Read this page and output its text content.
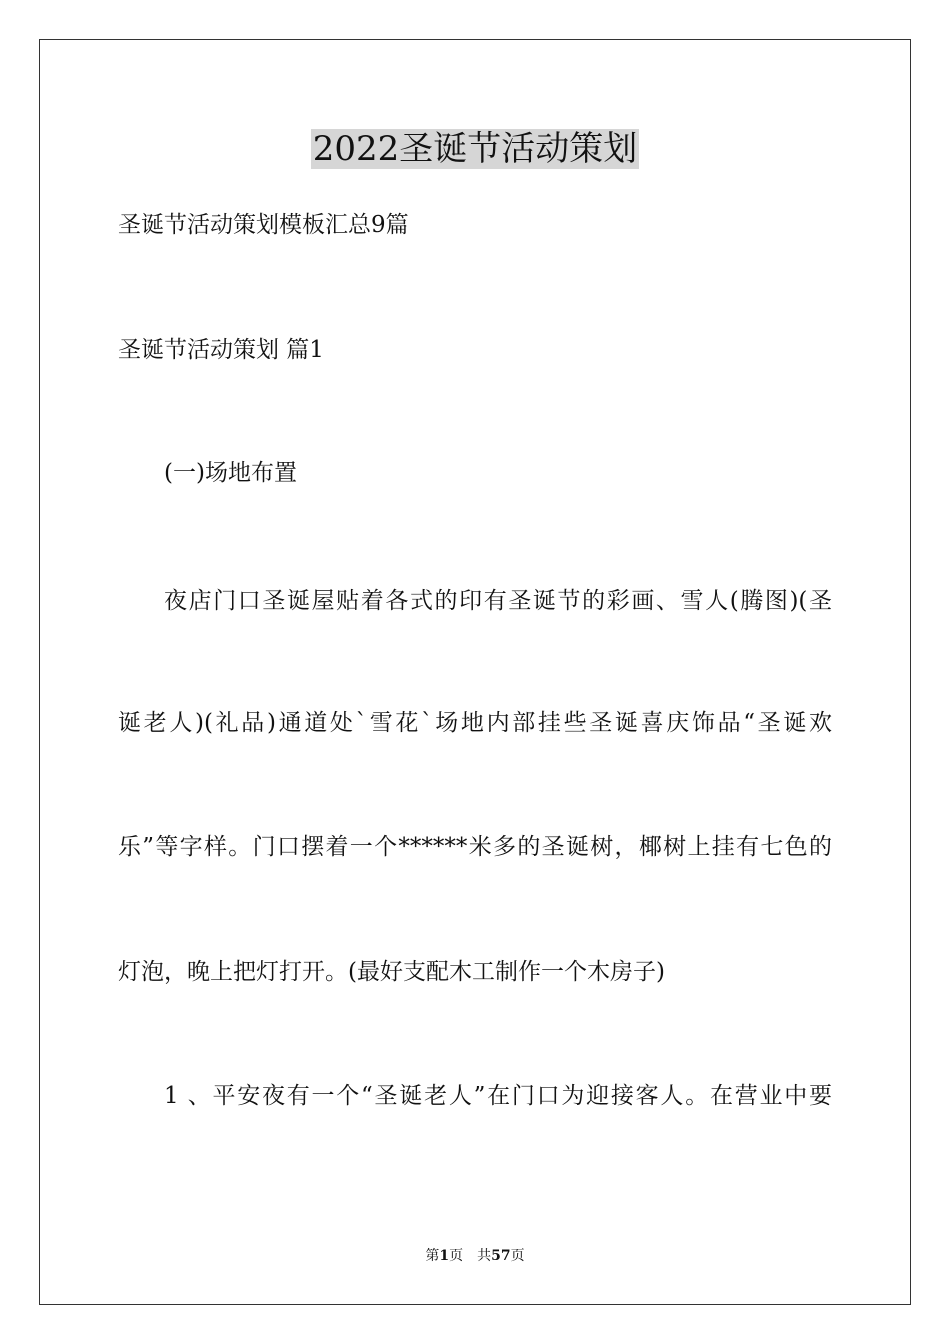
2022圣诞节活动策划
圣诞节活动策划模板汇总9篇
圣诞节活动策划 篇1
(一)场地布置
夜店门口圣诞屋贴着各式的印有圣诞节的彩画、雪人(腾图)(圣
诞老人)(礼品)通道处`雪花`场地内部挂些圣诞喜庆饰品“圣诞欢
乐”等字样。门口摆着一个******米多的圣诞树，椰树上挂有七色的
灯泡，晚上把灯打开。(最好支配木工制作一个木房子)
1 、平安夜有一个“圣诞老人”在门口为迎接客人。在营业中要
第1页　共57页
